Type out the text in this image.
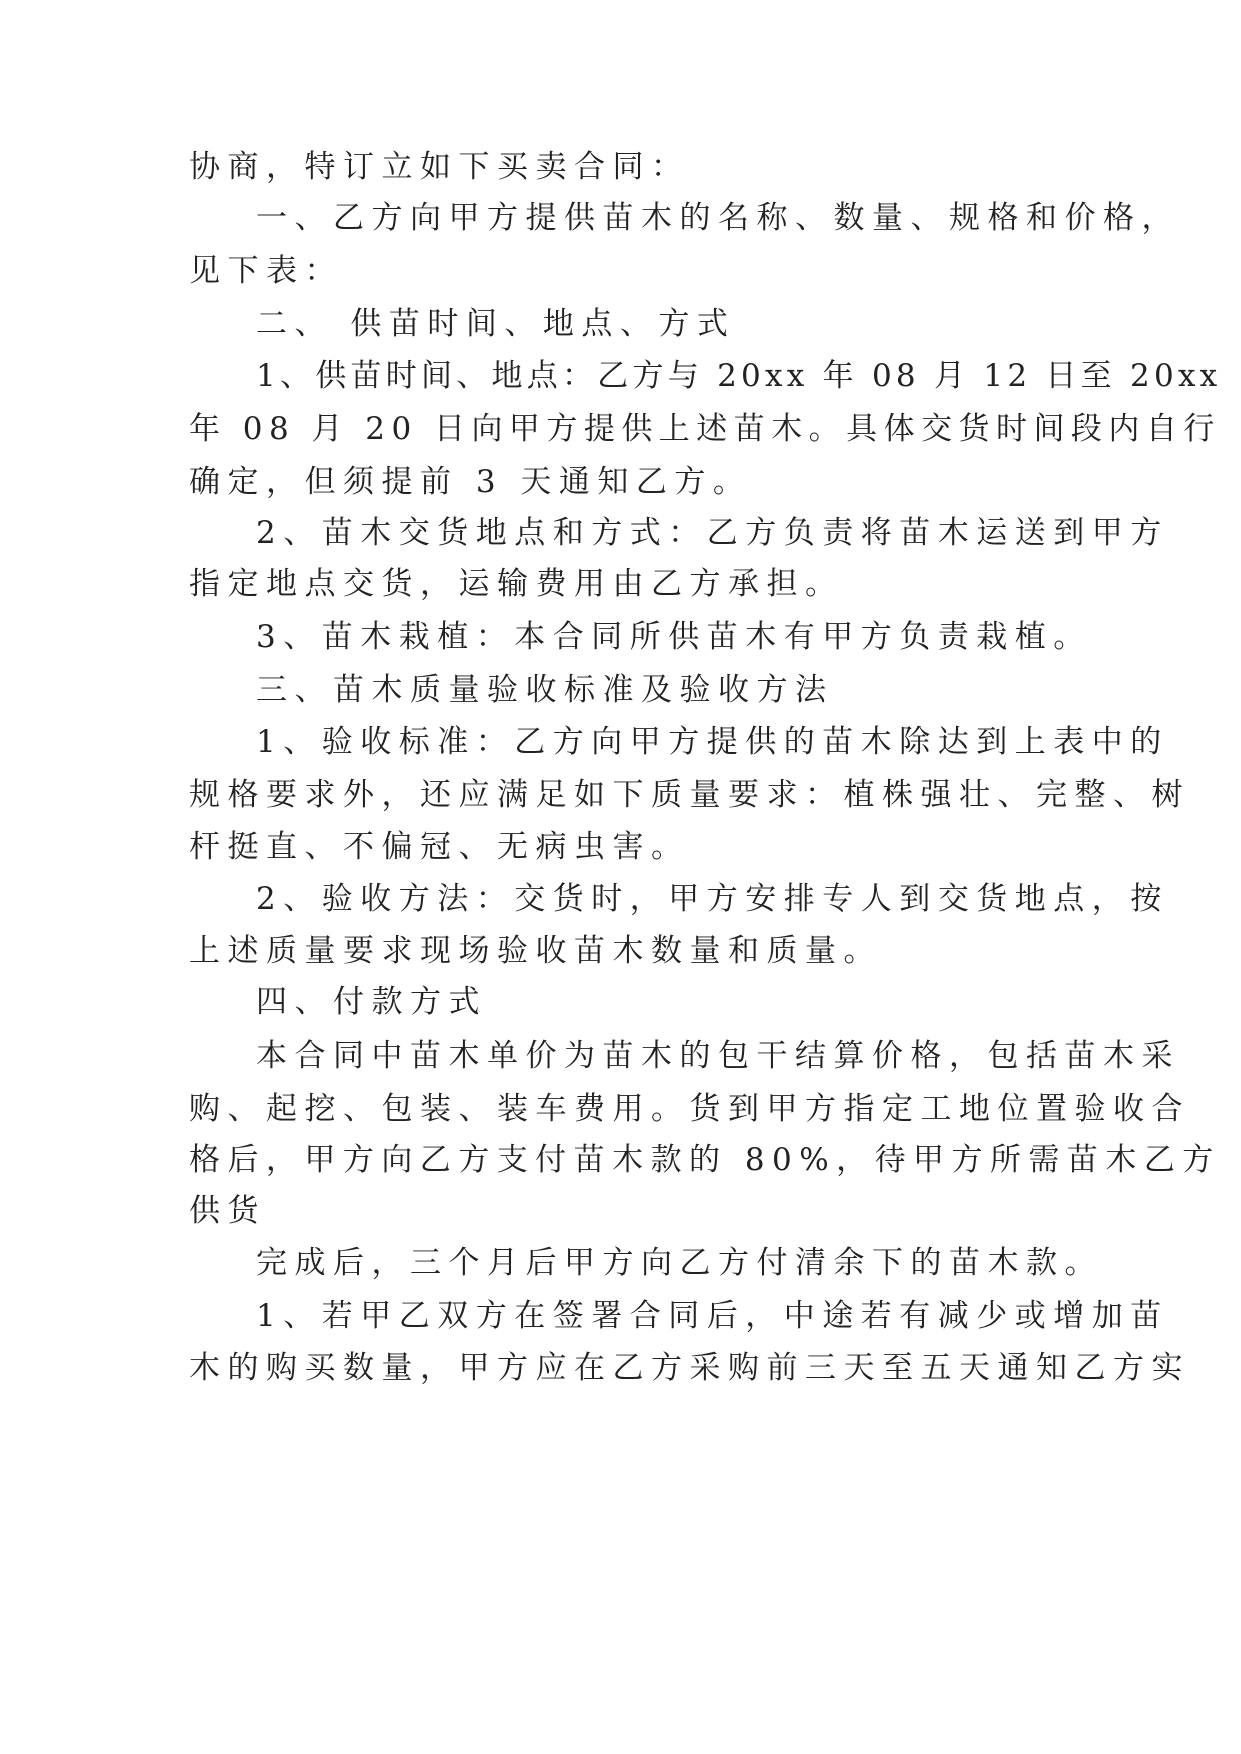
协商，特订立如下买卖合同：
一、乙方向甲方提供苗木的名称、数量、规格和价格，
见下表：
二、 供苗时间、地点、方式
1、供苗时间、地点：乙方与 20xx 年 08 月 12 日至 20xx
年 08 月 20 日向甲方提供上述苗木。具体交货时间段内自行
确定，但须提前 3 天通知乙方。
2、苗木交货地点和方式：乙方负责将苗木运送到甲方
指定地点交货，运输费用由乙方承担。
3、苗木栽植：本合同所供苗木有甲方负责栽植。
三、苗木质量验收标准及验收方法
1、验收标准：乙方向甲方提供的苗木除达到上表中的
规格要求外，还应满足如下质量要求：植株强壮、完整、树
杆挺直、不偏冠、无病虫害。
2、验收方法：交货时，甲方安排专人到交货地点，按
上述质量要求现场验收苗木数量和质量。
四、付款方式
本合同中苗木单价为苗木的包干结算价格，包括苗木采
购、起挖、包装、装车费用。货到甲方指定工地位置验收合
格后，甲方向乙方支付苗木款的 80%，待甲方所需苗木乙方
供货
完成后，三个月后甲方向乙方付清余下的苗木款。
1、若甲乙双方在签署合同后，中途若有减少或增加苗
木的购买数量，甲方应在乙方采购前三天至五天通知乙方实
